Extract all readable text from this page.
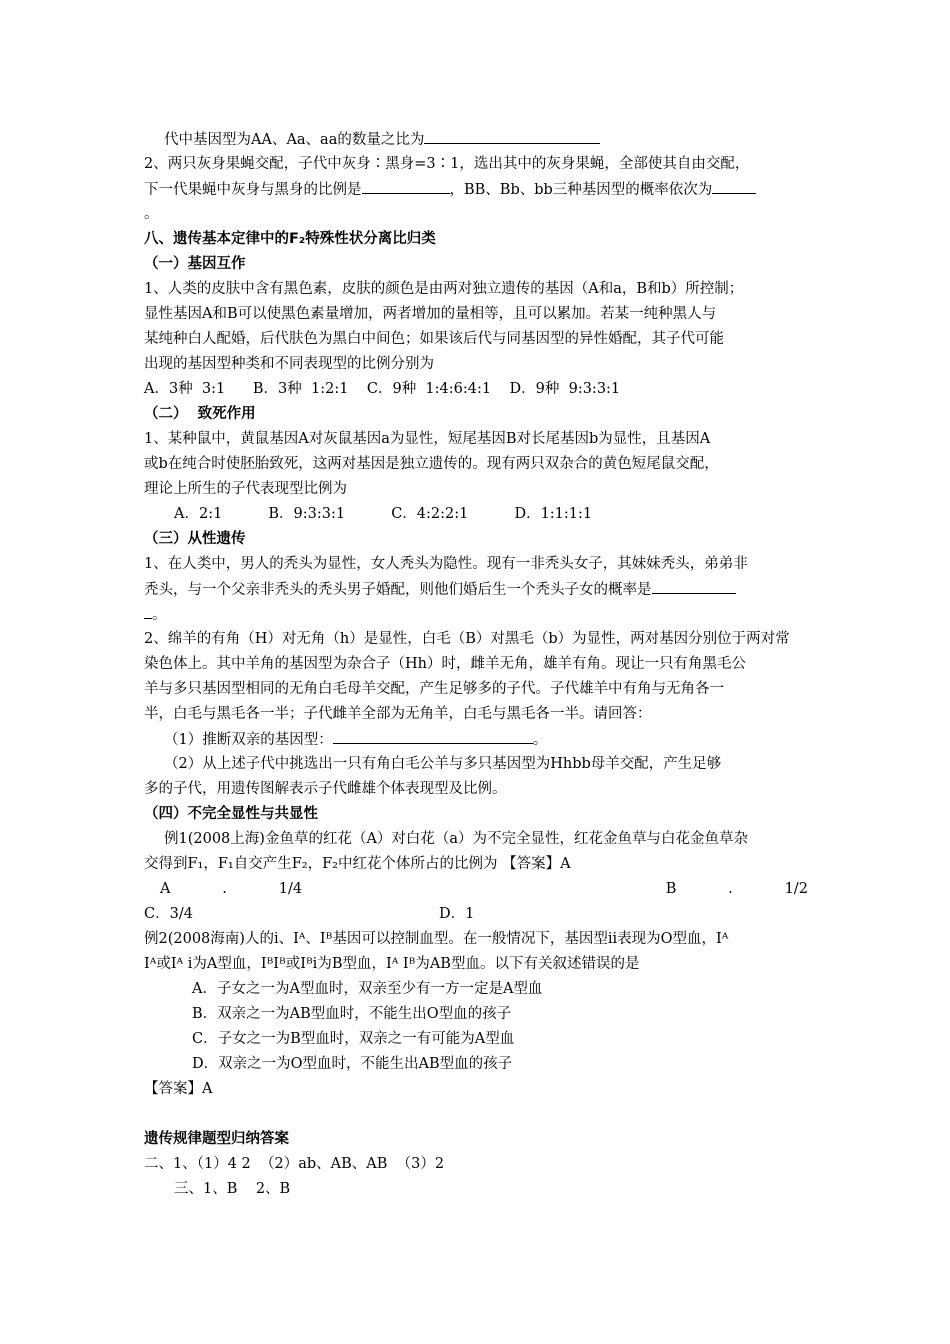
代中基因型为AA、Aa、aa的数量之比为
2、两只灰身果蝇交配，子代中灰身∶黑身=3∶1，选出其中的灰身果蝇，全部使其自由交配，
下一代果蝇中灰身与黑身的比例是	，BB、Bb、bb三种基因型的概率依次为
。
八、遗传基本定律中的F₂特殊性状分离比归类
（一）基因互作
1、人类的皮肤中含有黑色素，皮肤的颜色是由两对独立遗传的基因（A和a，B和b）所控制；
显性基因A和B可以使黑色素量增加，两者增加的量相等，且可以累加。若某一纯种黑人与
某纯种白人配婚，后代肤色为黑白中间色；如果该后代与同基因型的异性婚配，其子代可能
出现的基因型种类和不同表现型的比例分别为
A．3种  3:1      B．3种  1:2:1    C．9种  1:4:6:4:1    D．9种  9:3:3:1
（二）  致死作用
1、某种鼠中，黄鼠基因A对灰鼠基因a为显性，短尾基因B对长尾基因b为显性，且基因A
或b在纯合时使胚胎致死，这两对基因是独立遗传的。现有两只双杂合的黄色短尾鼠交配，
理论上所生的子代表现型比例为
A．2:1          B．9:3:3:1          C．4:2:2:1          D．1:1:1:1
（三）从性遗传
1、在人类中，男人的秃头为显性，女人秃头为隐性。现有一非秃头女子，其妹妹秃头，弟弟非
秃头，与一个父亲非秃头的秃头男子婚配，则他们婚后生一个秃头子女的概率是
。
2、绵羊的有角（H）对无角（h）是显性，白毛（B）对黑毛（b）为显性，两对基因分别位于两对常
染色体上。其中羊角的基因型为杂合子（Hh）时，雌羊无角，雄羊有角。现让一只有角黑毛公
羊与多只基因型相同的无角白毛母羊交配，产生足够多的子代。子代雄羊中有角与无角各一
半，白毛与黑毛各一半；子代雌羊全部为无角羊，白毛与黑毛各一半。请回答：
（1）推断双亲的基因型：	。
（2）从上述子代中挑选出一只有角白毛公羊与多只基因型为Hhbb母羊交配，产生足够
多的子代，用遗传图解表示子代雌雄个体表现型及比例。
（四）不完全显性与共显性
例1(2008上海)金鱼草的红花（A）对白花（a）为不完全显性，红花金鱼草与白花金鱼草杂
交得到F₁，F₁自交产生F₂，F₂中红花个体所占的比例为 【答案】A
A	.	1/4	B	.	1/2
C．3/4	D．1
例2(2008海南)人的i、Iᴬ、Iᴮ基因可以控制血型。在一般情况下，基因型ii表现为O型血，Iᴬ
Iᴬ或Iᴬ i为A型血，IᴮIᴮ或Iᴮi为B型血，Iᴬ Iᴮ为AB型血。以下有关叙述错误的是
A．子女之一为A型血时，双亲至少有一方一定是A型血
B．双亲之一为AB型血时，不能生出O型血的孩子
C．子女之一为B型血时，双亲之一有可能为A型血
D．双亲之一为O型血时，不能生出AB型血的孩子
【答案】A
遗传规律题型归纳答案
二、1、（1）4 2  （2）ab、AB、AB  （3）2
三、1、B    2、B
